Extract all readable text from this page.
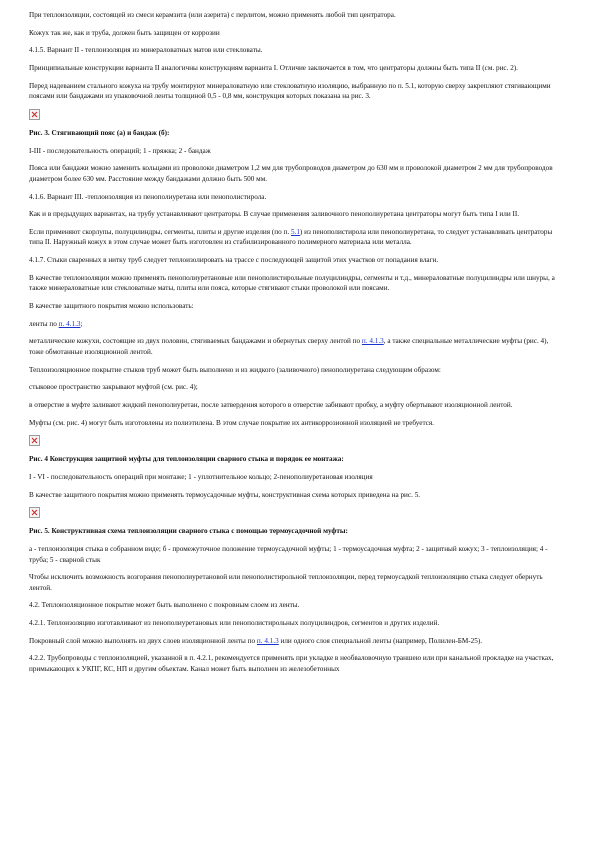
При теплоизоляции, состоящей из смеси керамзита (или азерита) с перлитом, можно применять любой тип центратора.

Кожух так же, как и труба, должен быть защищен от коррозии

4.1.5. Вариант II - теплоизоляция из минераловатных матов или стекловаты.

Принципиальные конструкции варианта II аналогичны конструкциям варианта I. Отличие заключается в том, что центраторы должны быть типа II (см. рис. 2).

Перед надеванием стального кожуха на трубу монтируют минераловатную или стекловатную изоляцию, выбранную по п. 5.1, которую сверху закрепляют стягивающими поясами или бандажами из упаковочной ленты толщиной 0,5 - 0,8 мм, конструкция которых показана на рис. 3.

Рис. 3. Стягивающий пояс (а) и бандаж (б):

I-III - последовательность операций; 1 - пряжка; 2 - бандаж

Пояса или бандажи можно заменить кольцами из проволоки диаметром 1,2 мм для трубопроводов диаметром до 630 мм и проволокой диаметром 2 мм для трубопроводов диаметром более 630 мм. Расстояние между бандажами должно быть 500 мм.

4.1.6. Вариант III. -теплоизоляция из пенополиуретана или пенополистирола.

Как и в предыдущих вариантах, на трубу устанавливают центраторы. В случае применения заливочного пенополиуретана центраторы могут быть типа I или II.

Если применяют скорлупы, полуцилиндры, сегменты, плиты и другие изделия (по п. 5.1) из пенополистирола или пенополиуретана, то следует устанавливать центраторы типа II. Наружный кожух в этом случае может быть изготовлен из стабилизированного полимерного материала или металла.

4.1.7. Стыки сваренных в нитку труб следует теплоизолировать на трассе с последующей защитой этих участков от попадания влаги.

В качестве теплоизоляции можно применять пенополиуретановые или пенополистирольные полуцилиндры, сегменты и т.д., минераловатные полуцилиндры или шнуры, а также минераловатные или стекловатные маты, плиты или пояса, которые стягивают стыки проволокой или поясами.

В качестве защитного покрытия можно использовать:

ленты по п. 4.1.3;

металлические кожухи, состоящие из двух половин, стягиваемых бандажами и обернутых сверху лентой по п. 4.1.3, а также специальные металлические муфты (рис. 4), тоже обмотанные изоляционной лентой.

Теплоизоляционное покрытие стыков труб может быть выполнено и из жидкого (заливочного) пенополиуретана следующим образом:

стыковое пространство закрывают муфтой (см. рис. 4);

в отверстие в муфте заливают жидкий пенополиуретан, после затвердения которого в отверстие забивают пробку, а муфту обертывают изоляционной лентой.

Муфты (см. рис. 4) могут быть изготовлены из полиэтилена. В этом случае покрытие их антикоррозионной изоляцией не требуется.

Рис. 4 Конструкция защитной муфты для теплоизоляции сварного стыка и порядок ее монтажа:

I - VI - последовательность операций при монтаже; 1 - уплотнительное кольцо; 2-пенополиуретановая изоляция

В качестве защитного покрытия можно применять термоусадочные муфты, конструктивная схема которых приведена на рис. 5.

Рис. 5. Конструктивная схема теплоизоляции сварного стыка с помощью термоусадочной муфты:

а - теплоизоляция стыка в собранном виде; б - промежуточное положение термоусадочной муфты; 1 - термоусадочная муфта; 2 - защитный кожух; 3 - теплоизоляция; 4 - труба; 5 - сварной стык

Чтобы исключить возможность возгорания пенополиуретановой или пенополистирольной теплоизоляции, перед термоусадкой теплоизоляцию стыка следует обернуть лентой.

4.2. Теплоизоляционное покрытие может быть выполнено с покровным слоем из ленты.

4.2.1. Теплоизоляцию изготавливают из пенополиуретановых или пенополистирольных полуцилиндров, сегментов и других изделий.

Покровный слой можно выполнять из двух слоев изоляционной ленты по п. 4.1.3 или одного слоя специальной ленты (например, Полилен-БМ-25).

4.2.2. Трубопроводы с теплоизоляцией, указанной в п. 4.2.1, рекомендуется применять при укладке в необваловочную траншею или при канальной прокладке на участках, примыкающих к УКПГ, КС, НП и другим объектам. Канал может быть выполнен из железобетонных
